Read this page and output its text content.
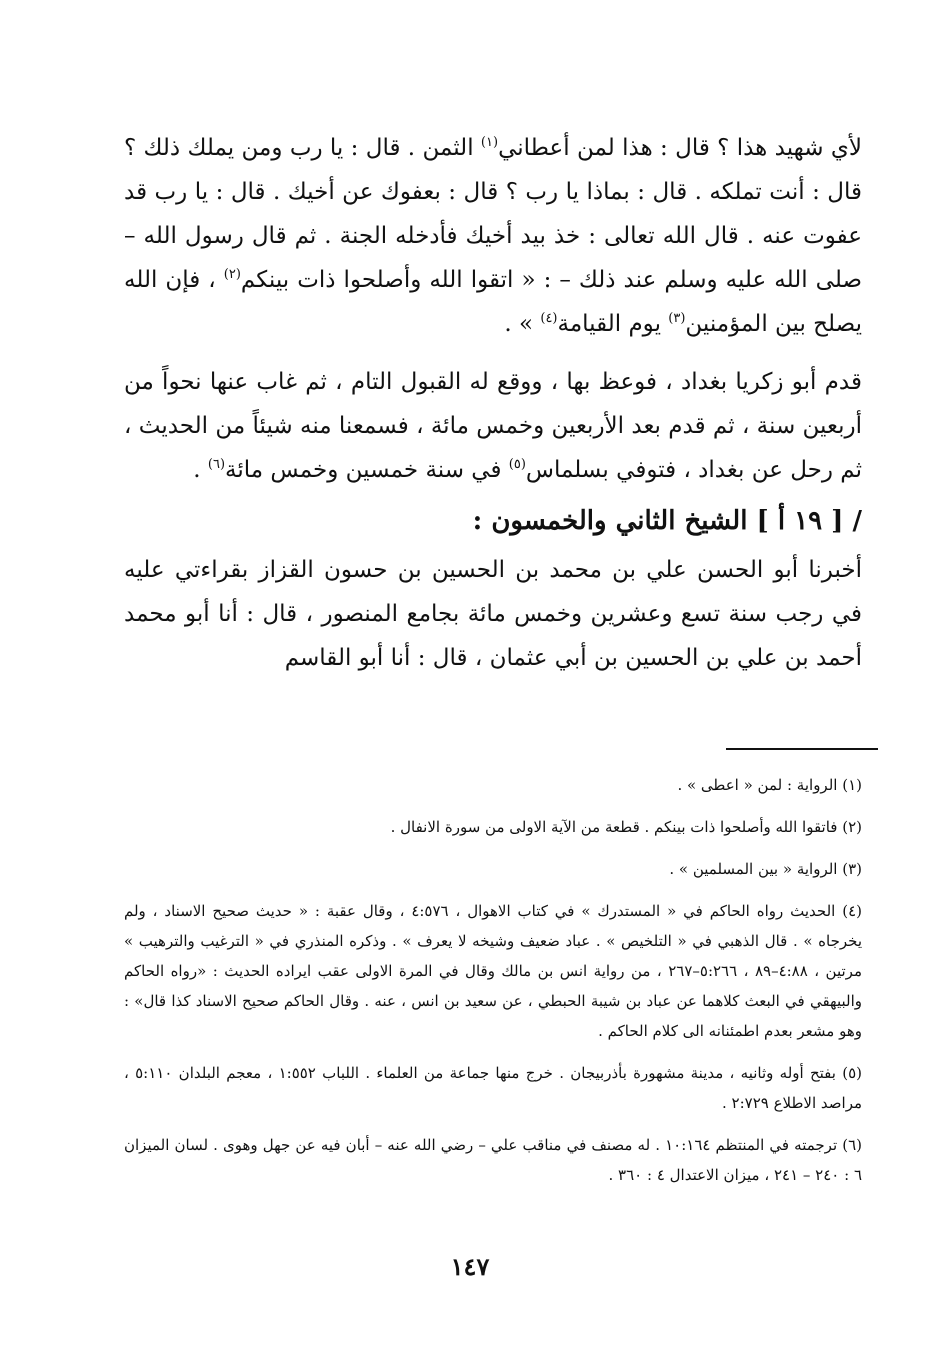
لأي شهيد هذا ؟ قال : هذا لمن أعطاني$^{(١)}$ الثمن . قال : يا رب ومن يملك ذلك ؟ قال : أنت تملكه . قال : بماذا يا رب ؟ قال : بعفوك عن أخيك . قال : يا رب قد عفوت عنه . قال الله تعالى : خذ بيد أخيك فأدخله الجنة . ثم قال رسول الله – صلى الله عليه وسلم عند ذلك – : « اتقوا الله وأصلحوا ذات بينكم$^{(٢)}$ ، فإن الله يصلح بين المؤمنين$^{(٣)}$ يوم القيامة$^{(٤)}$ » .

قدم أبو زكريا بغداد ، فوعظ بها ، ووقع له القبول التام ، ثم غاب عنها نحواً من أربعين سنة ، ثم قدم بعد الأربعين وخمس مائة ، فسمعنا منه شيئاً من الحديث ، ثم رحل عن بغداد ، فتوفي بسلماس$^{(٥)}$ في سنة خمسين وخمس مائة$^{(٦)}$ .

/ [ ١٩ أ ] الشيخ الثاني والخمسون :

أخبرنا أبو الحسن علي بن محمد بن الحسين بن حسون القزاز بقراءتي عليه في رجب سنة تسع وعشرين وخمس مائة بجامع المنصور ، قال : أنا أبو محمد أحمد بن علي بن الحسين بن أبي عثمان ، قال : أنا أبو القاسم

(١) الرواية : لمن « اعطى » .

(٢) فاتقوا الله وأصلحوا ذات بينكم . قطعة من الآية الاولى من سورة الانفال .

(٣) الرواية « بين المسلمين » .

(٤) الحديث رواه الحاكم في « المستدرك » في كتاب الاهوال ، ٤:٥٧٦ ، وقال عقبة : « حديث صحيح الاسناد ، ولم يخرجاه » . قال الذهبي في « التلخيص » . عباد ضعيف وشيخه لا يعرف » . وذكره المنذري في « الترغيب والترهيب » مرتين ، ٤:٨٨–٨٩ ، ٥:٢٦٦–٢٦٧ ، من رواية انس بن مالك وقال في المرة الاولى عقب ايراده الحديث : «رواه الحاكم والبيهقي في البعث كلاهما عن عباد بن شيبة الحبطي ، عن سعيد بن انس ، عنه . وقال الحاكم صحيح الاسناد كذا قال» : وهو مشعر بعدم اطمئنانه الى كلام الحاكم .

(٥) بفتح أوله وثانيه ، مدينة مشهورة بأذربيجان . خرج منها جماعة من العلماء . اللباب ١:٥٥٢ ، معجم البلدان ٥:١١٠ ، مراصد الاطلاع ٢:٧٢٩ .

(٦) ترجمته في المنتظم ١٠:١٦٤ . له مصنف في مناقب علي – رضي الله عنه – أبان فيه عن جهل وهوى . لسان الميزان ٦ : ٢٤٠ – ٢٤١ ، ميزان الاعتدال ٤ : ٣٦٠ .

١٤٧
